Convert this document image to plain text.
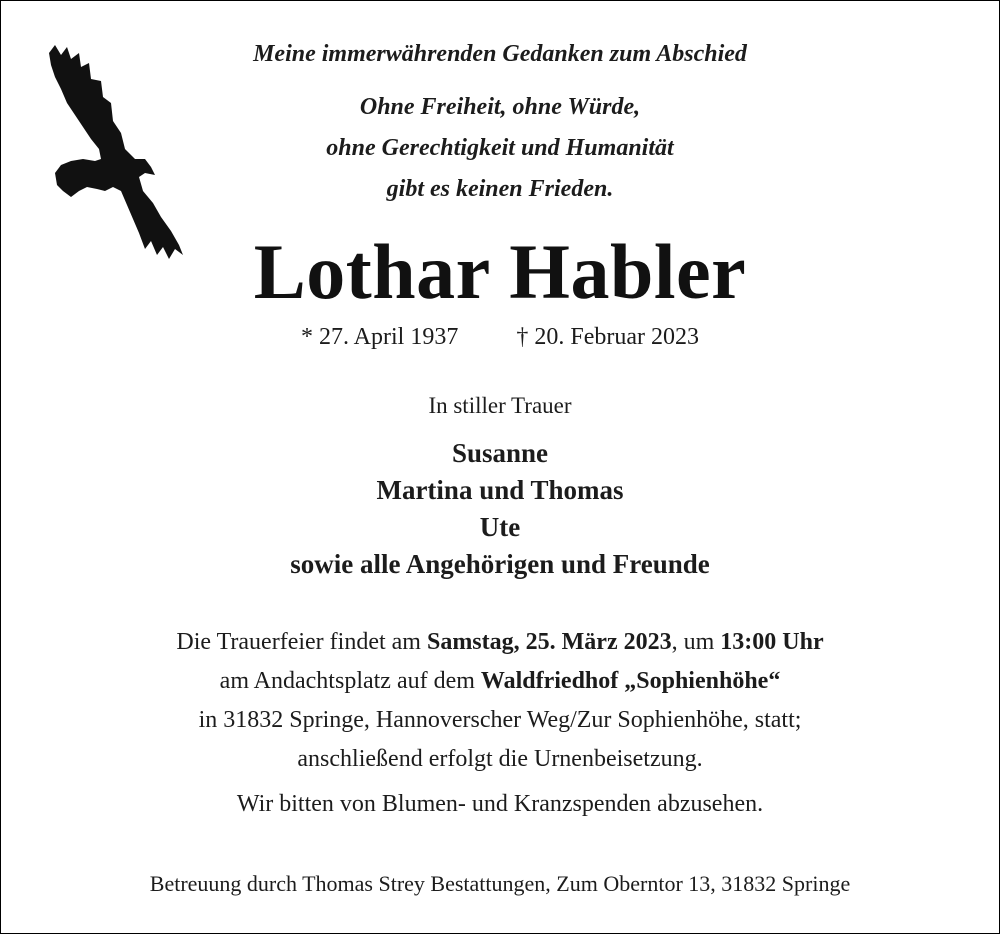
Meine immerwährenden Gedanken zum Abschied
Ohne Freiheit, ohne Würde,
ohne Gerechtigkeit und Humanität
gibt es keinen Frieden.
Lothar Habler
* 27. April 1937 † 20. Februar 2023
In stiller Trauer
Susanne
Martina und Thomas
Ute
sowie alle Angehörigen und Freunde
Die Trauerfeier findet am Samstag, 25. März 2023, um 13:00 Uhr
am Andachtsplatz auf dem Waldfriedhof „Sophienhöhe“
in 31832 Springe, Hannoverscher Weg/Zur Sophienhöhe, statt;
anschließend erfolgt die Urnenbeisetzung.
Wir bitten von Blumen- und Kranzspenden abzusehen.
Betreuung durch Thomas Strey Bestattungen, Zum Oberntor 13, 31832 Springe
